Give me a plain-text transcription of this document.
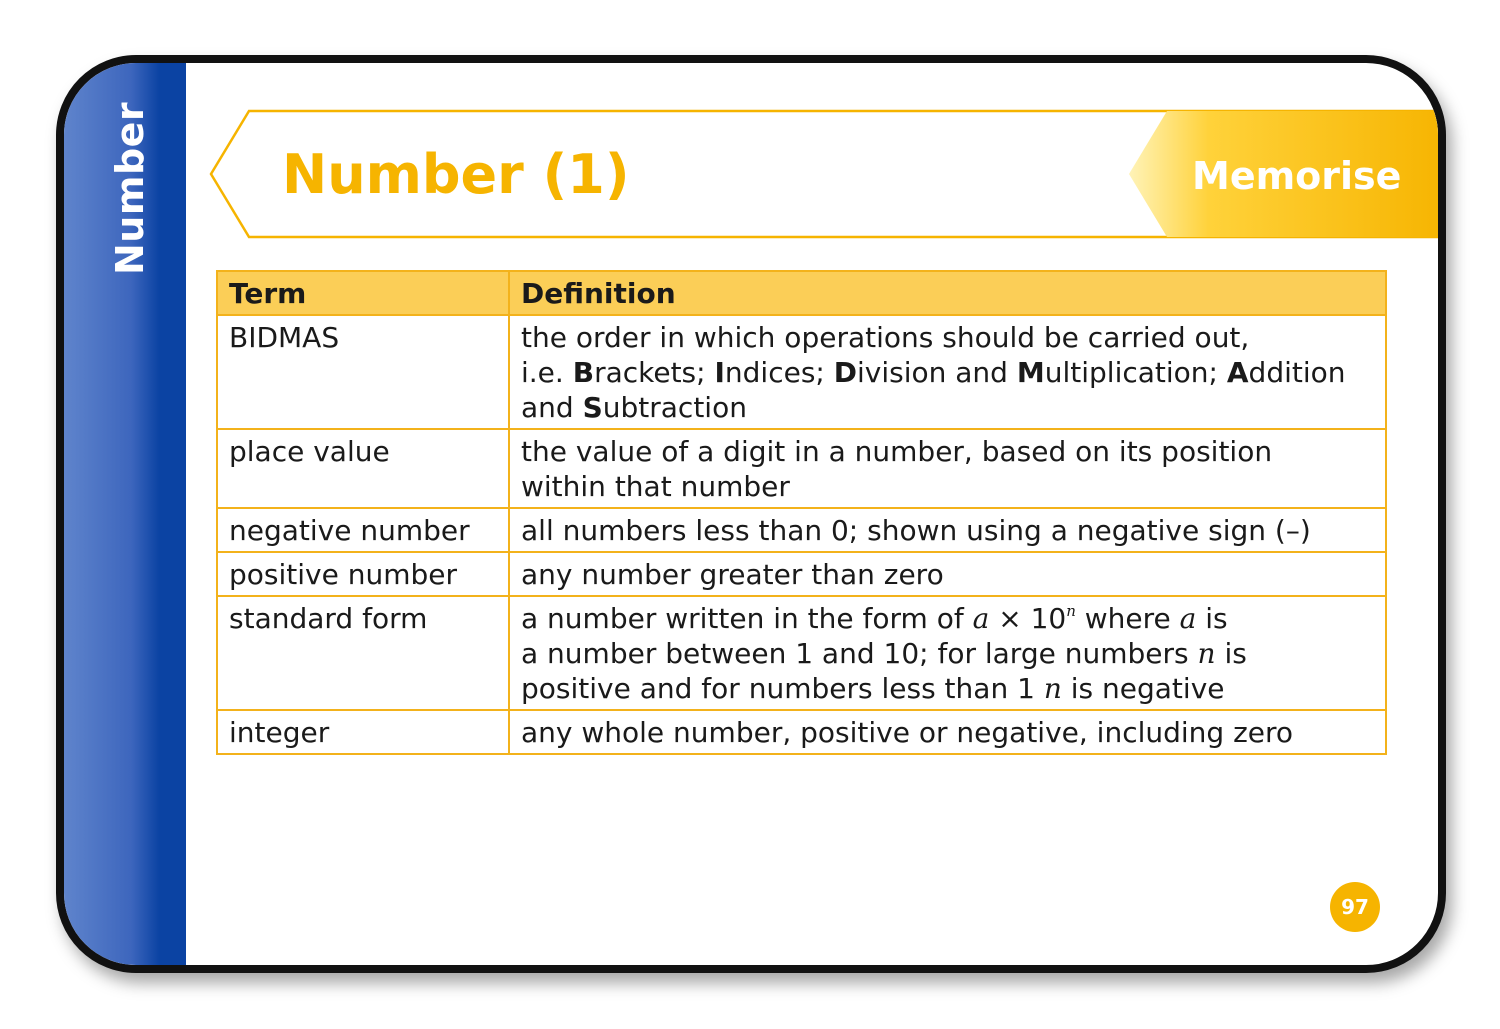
Number Number (1)	Memorise
Term	Definition
BIDMAS	the order in which operations should be carried out,
i.e. Brackets; Indices; Division and Multiplication; Addition
and Subtraction
place value	the value of a digit in a number, based on its position
within that number
negative number	all numbers less than 0; shown using a negative sign (–)
positive number	any number greater than zero
standard form	a number written in the form of $a \times 10^n$ where a is
a number between 1 and 10; for large numbers n is
positive and for numbers less than 1 n is negative
integer	any whole number, positive or negative, including zero
97
